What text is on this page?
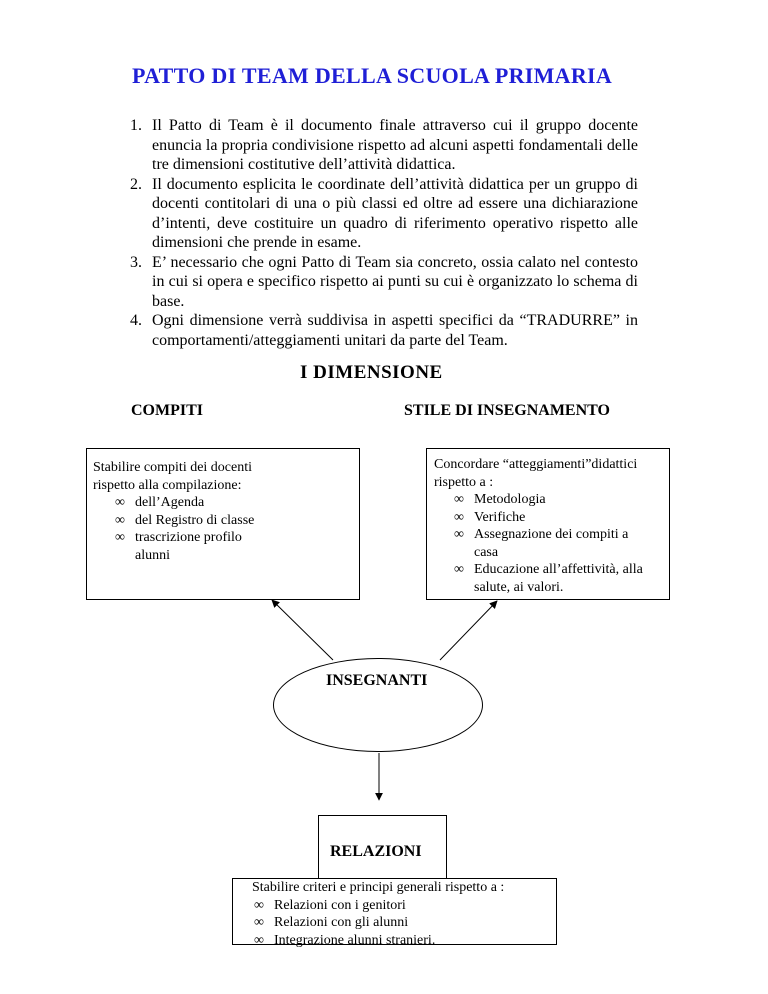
PATTO DI TEAM DELLA SCUOLA PRIMARIA
1. Il Patto di Team è il documento finale attraverso cui il gruppo docente enuncia la propria condivisione rispetto ad alcuni aspetti fondamentali delle tre dimensioni costitutive dell’attività didattica.
2. Il documento esplicita le coordinate dell’attività didattica per un gruppo di docenti contitolari di una o più classi ed oltre ad essere una dichiarazione d’intenti, deve costituire un quadro di riferimento operativo rispetto alle dimensioni che prende in esame.
3. E’ necessario che ogni Patto di Team sia concreto, ossia calato nel contesto in cui si opera e specifico rispetto ai punti su cui è organizzato lo schema di base.
4. Ogni dimensione verrà suddivisa in aspetti specifici da “TRADURRE” in comportamenti/atteggiamenti unitari da parte del Team.
I DIMENSIONE
COMPITI	STILE DI INSEGNAMENTO
Stabilire compiti dei docenti
rispetto alla compilazione:
∞ dell’Agenda
∞ del Registro di classe
∞ trascrizione profilo alunni
Concordare “atteggiamenti”didattici
rispetto a :
∞ Metodologia
∞ Verifiche
∞ Assegnazione dei compiti a casa
∞ Educazione all’affettività, alla salute, ai valori.
INSEGNANTI
RELAZIONI
Stabilire criteri e principi generali rispetto a :
∞ Relazioni con i genitori
∞ Relazioni con gli alunni
∞ Integrazione alunni stranieri.
